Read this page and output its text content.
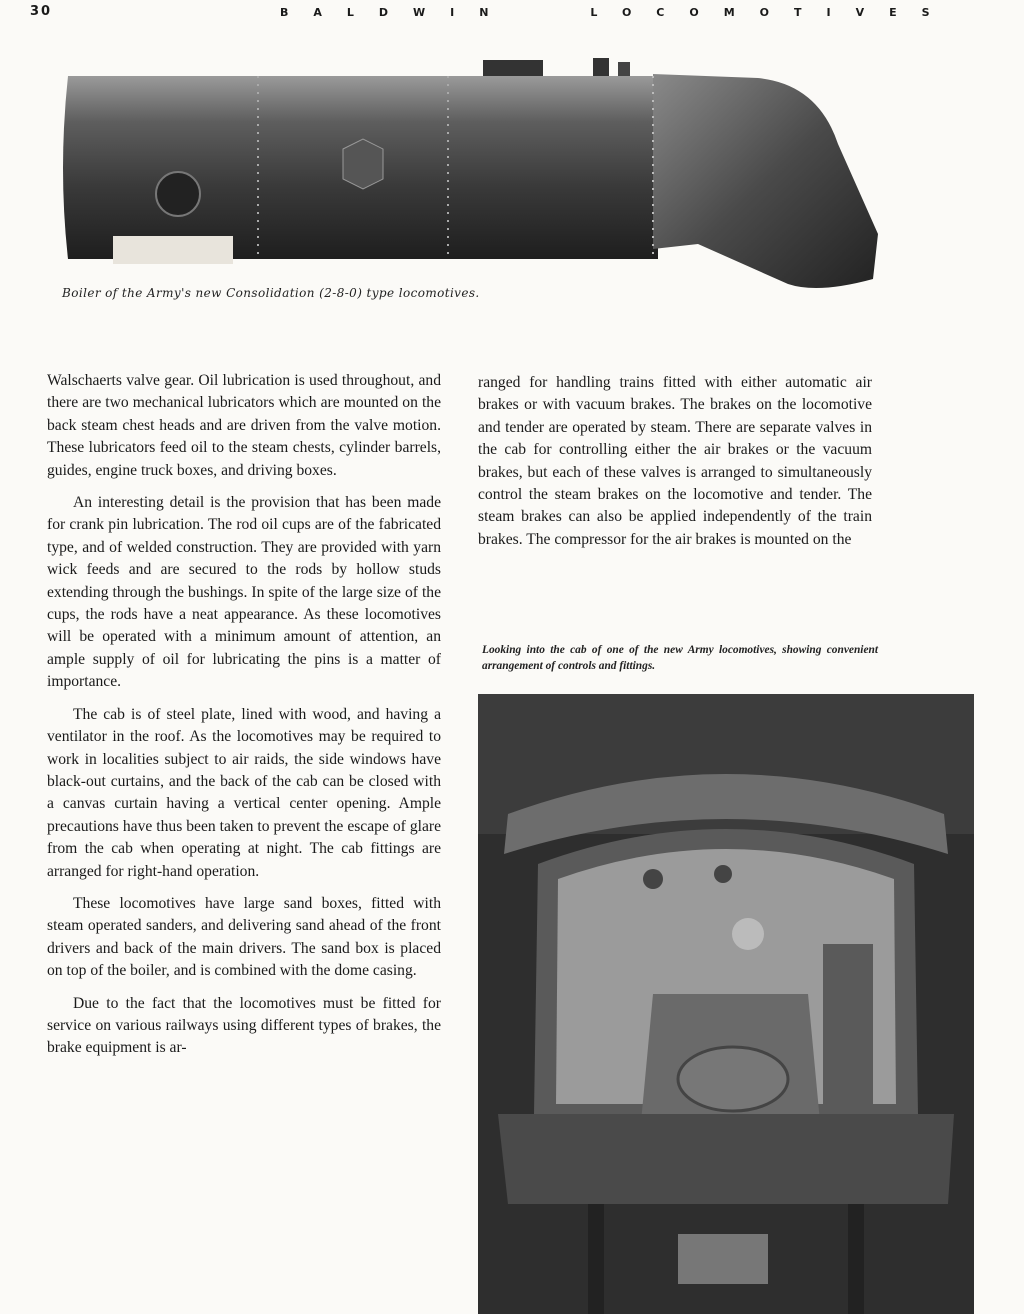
30	BALDWIN	LOCOMOTIVES
Boiler of the Army's new Consolidation (2-8-0) type locomotives.

Walschaerts valve gear. Oil lubrication is used throughout, and there are two mechanical lubricators which are mounted on the back steam chest heads and are driven from the valve motion. These lubricators feed oil to the steam chests, cylinder barrels, guides, engine truck boxes, and driving boxes.

An interesting detail is the provision that has been made for crank pin lubrication. The rod oil cups are of the fabricated type, and of welded construction. They are provided with yarn wick feeds and are secured to the rods by hollow studs extending through the bushings. In spite of the large size of the cups, the rods have a neat appearance. As these locomotives will be operated with a minimum amount of attention, an ample supply of oil for lubricating the pins is a matter of importance.

The cab is of steel plate, lined with wood, and having a ventilator in the roof. As the locomotives may be required to work in localities subject to air raids, the side windows have black-out curtains, and the back of the cab can be closed with a canvas curtain having a vertical center opening. Ample precautions have thus been taken to prevent the escape of glare from the cab when operating at night. The cab fittings are arranged for right-hand operation.

These locomotives have large sand boxes, fitted with steam operated sanders, and delivering sand ahead of the front drivers and back of the main drivers. The sand box is placed on top of the boiler, and is combined with the dome casing.

Due to the fact that the locomotives must be fitted for service on various railways using different types of brakes, the brake equipment is ar-

ranged for handling trains fitted with either automatic air brakes or with vacuum brakes. The brakes on the locomotive and tender are operated by steam. There are separate valves in the cab for controlling either the air brakes or the vacuum brakes, but each of these valves is arranged to simultaneously control the steam brakes on the locomotive and tender. The steam brakes can also be applied independently of the train brakes. The compressor for the air brakes is mounted on the

Looking into the cab of one of the new Army locomotives, showing convenient arrangement of controls and fittings.
